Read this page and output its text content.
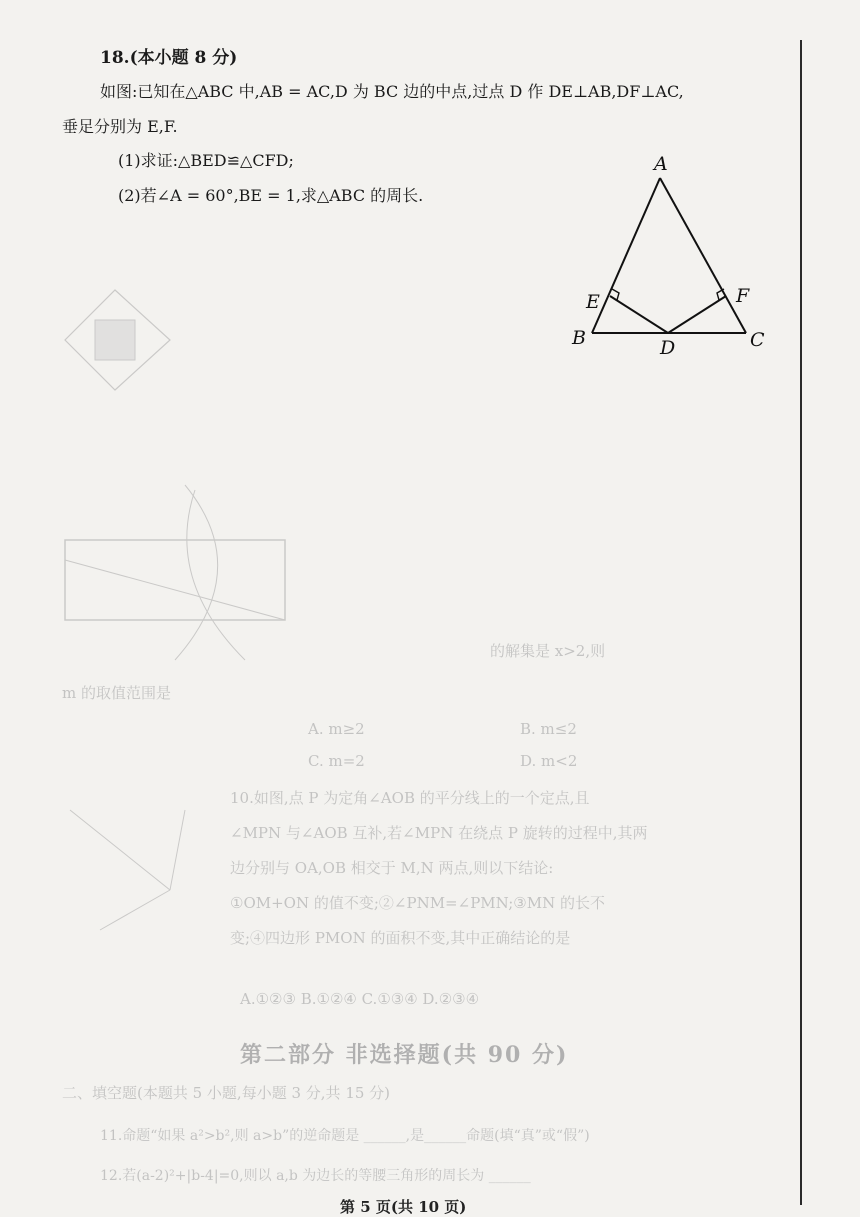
的解集是 x>2,则
m 的取值范围是
A. m≥2	B. m≤2
C. m=2	D. m<2
10.如图,点 P 为定角∠AOB 的平分线上的一个定点,且
∠MPN 与∠AOB 互补,若∠MPN 在绕点 P 旋转的过程中,其两
边分别与 OA,OB 相交于 M,N 两点,则以下结论:
①OM+ON 的值不变;②∠PNM=∠PMN;③MN 的长不
变;④四边形 PMON 的面积不变,其中正确结论的是
A.①②③ B.①②④ C.①③④ D.②③④
第二部分 非选择题(共 90 分)
二、填空题(本题共 5 小题,每小题 3 分,共 15 分)
11.命题“如果 a²>b²,则 a>b”的逆命题是 ______,是______命题(填“真”或“假”)
12.若(a-2)²+|b-4|=0,则以 a,b 为边长的等腰三角形的周长为 ______
18.(本小题 8 分)
如图:已知在△ABC 中,AB = AC,D 为 BC 边的中点,过点 D 作 DE⊥AB,DF⊥AC,
垂足分别为 E,F.
(1)求证:△BED≌△CFD;
(2)若∠A = 60°,BE = 1,求△ABC 的周长.
A
B	C
D
E	F
第 5 页(共 10 页)
